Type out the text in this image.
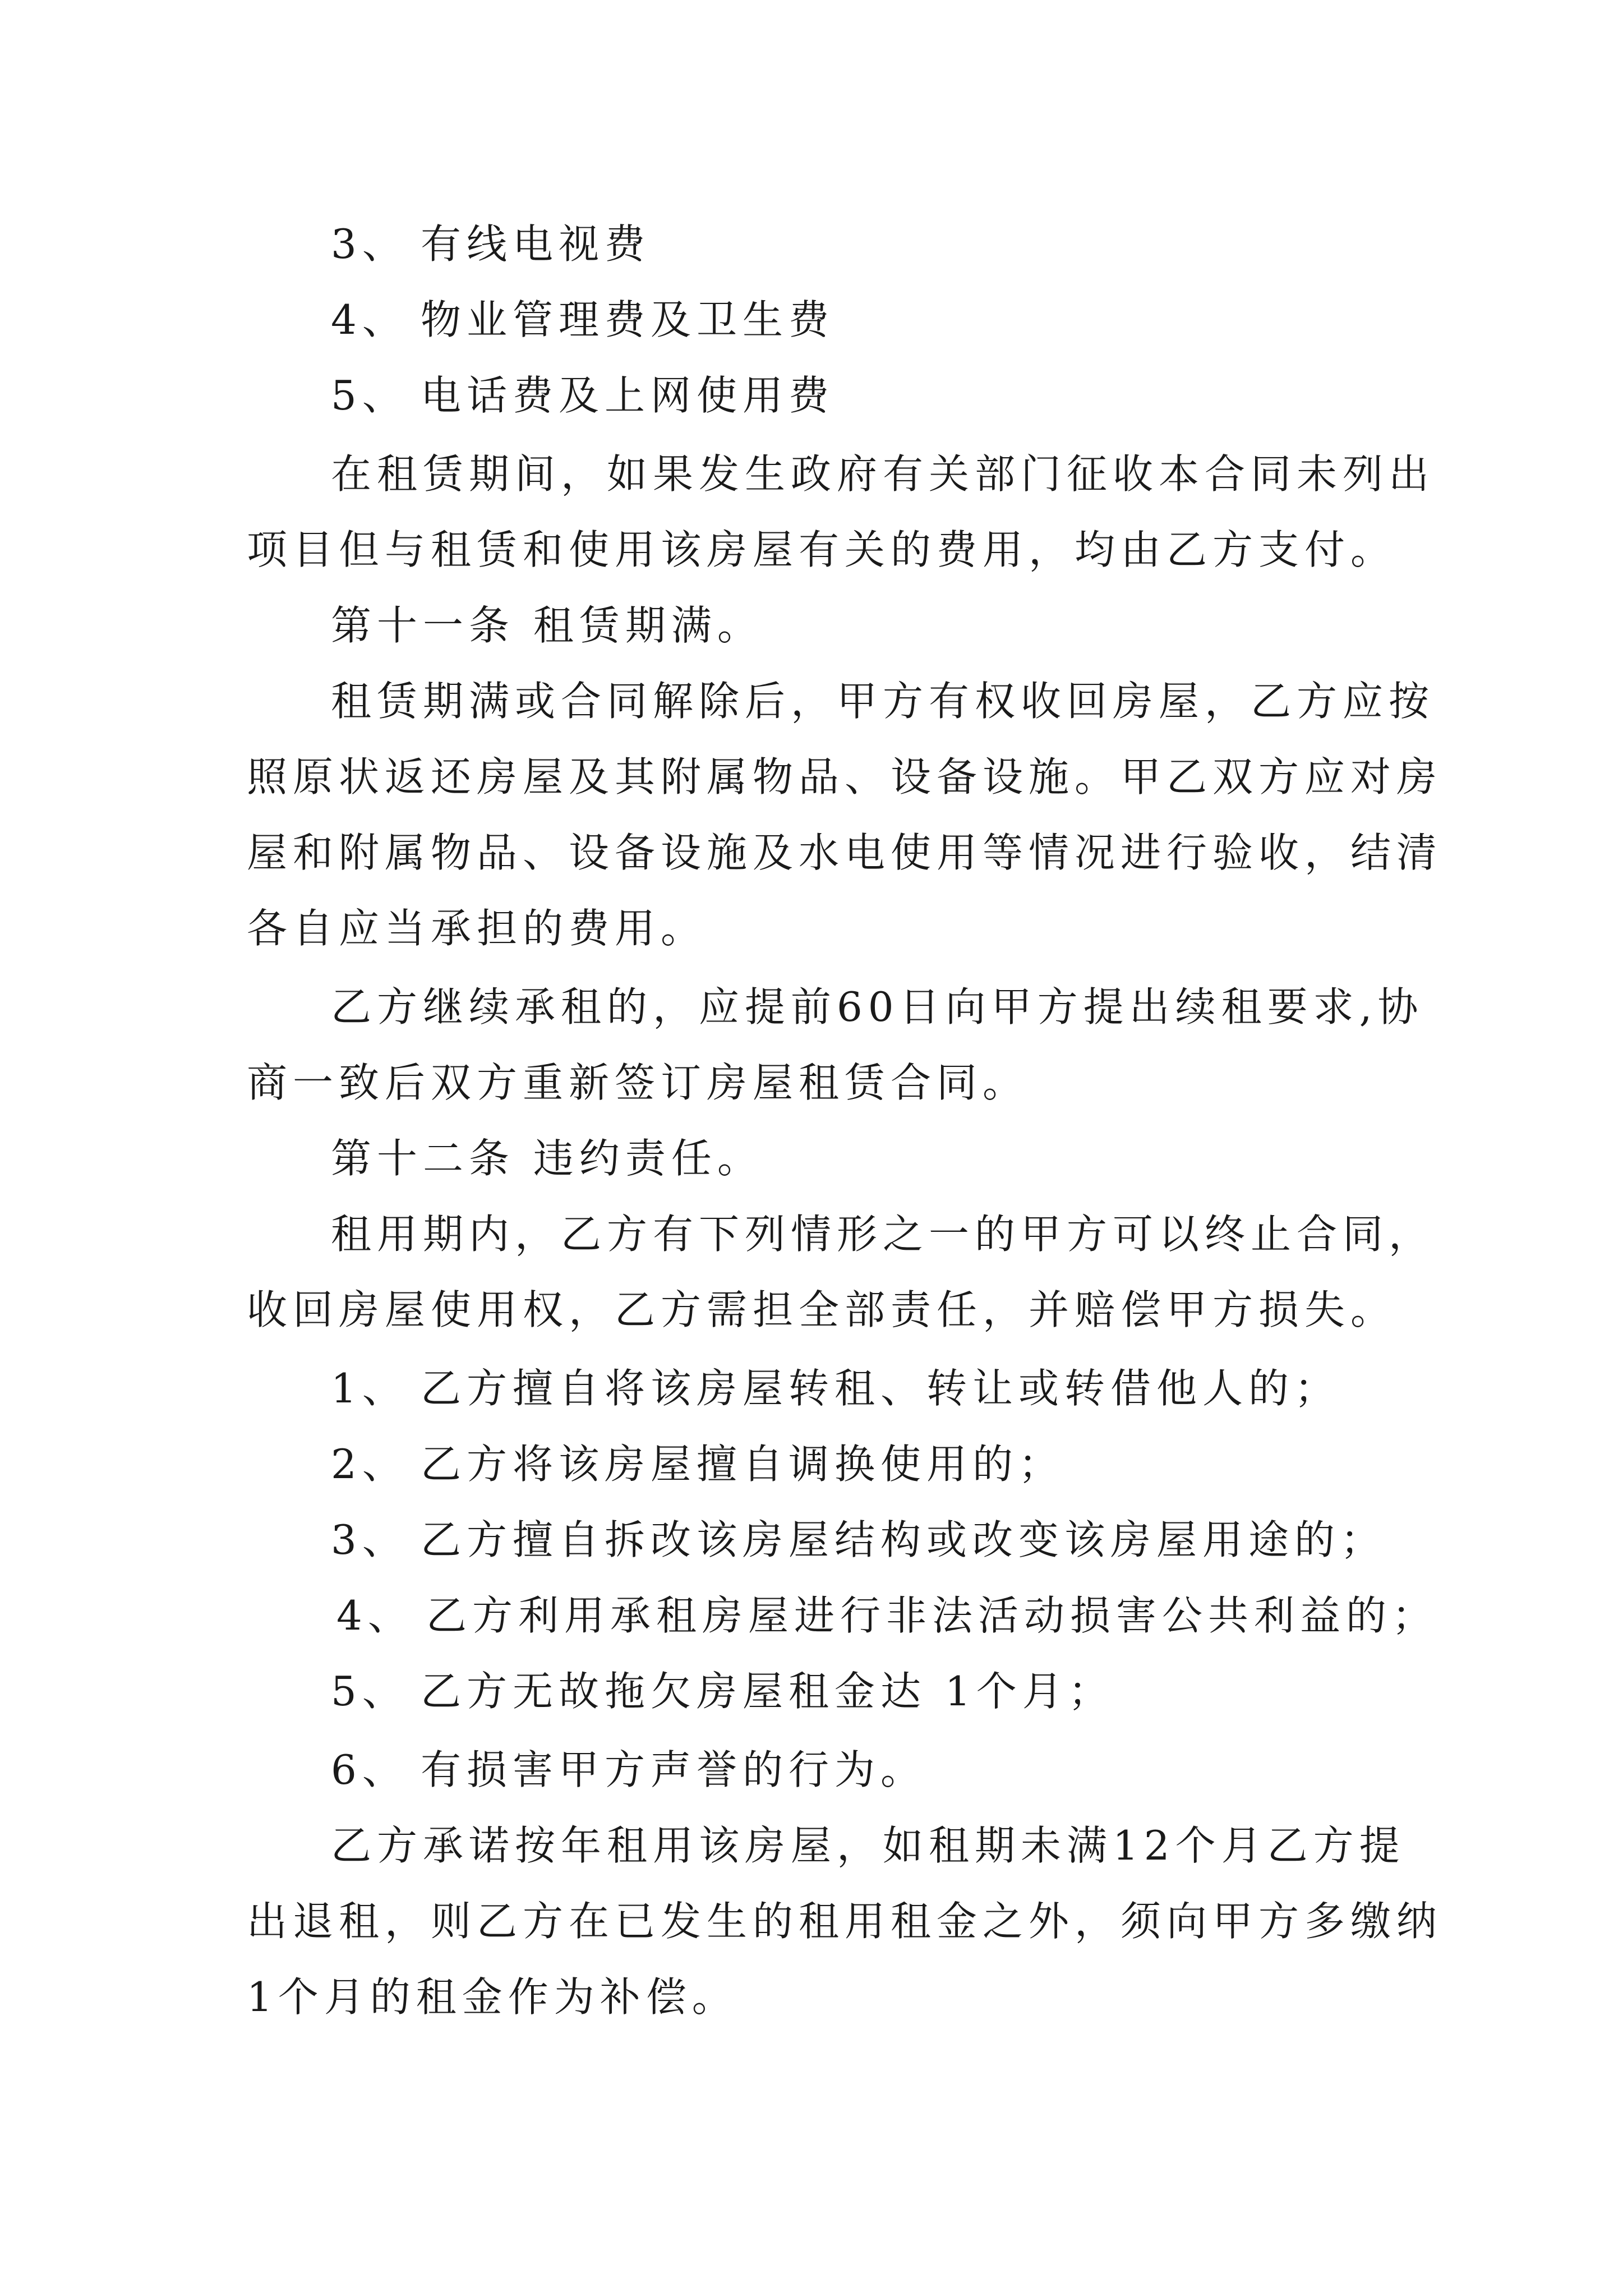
3、 有线电视费
4、 物业管理费及卫生费
5、 电话费及上网使用费
在租赁期间，如果发生政府有关部门征收本合同未列出
项目但与租赁和使用该房屋有关的费用，均由乙方支付。
第十一条 租赁期满。
租赁期满或合同解除后，甲方有权收回房屋，乙方应按
照原状返还房屋及其附属物品、设备设施。甲乙双方应对房
屋和附属物品、设备设施及水电使用等情况进行验收，结清
各自应当承担的费用。
乙方继续承租的，应提前60日向甲方提出续租要求,协
商一致后双方重新签订房屋租赁合同。
第十二条 违约责任。
租用期内，乙方有下列情形之一的甲方可以终止合同，
收回房屋使用权，乙方需担全部责任，并赔偿甲方损失。
1、 乙方擅自将该房屋转租、转让或转借他人的；
2、 乙方将该房屋擅自调换使用的；
3、 乙方擅自拆改该房屋结构或改变该房屋用途的；
4、 乙方利用承租房屋进行非法活动损害公共利益的；
5、 乙方无故拖欠房屋租金达 1个月；
6、 有损害甲方声誉的行为。
乙方承诺按年租用该房屋，如租期未满12个月乙方提
出退租，则乙方在已发生的租用租金之外，须向甲方多缴纳
1个月的租金作为补偿。
